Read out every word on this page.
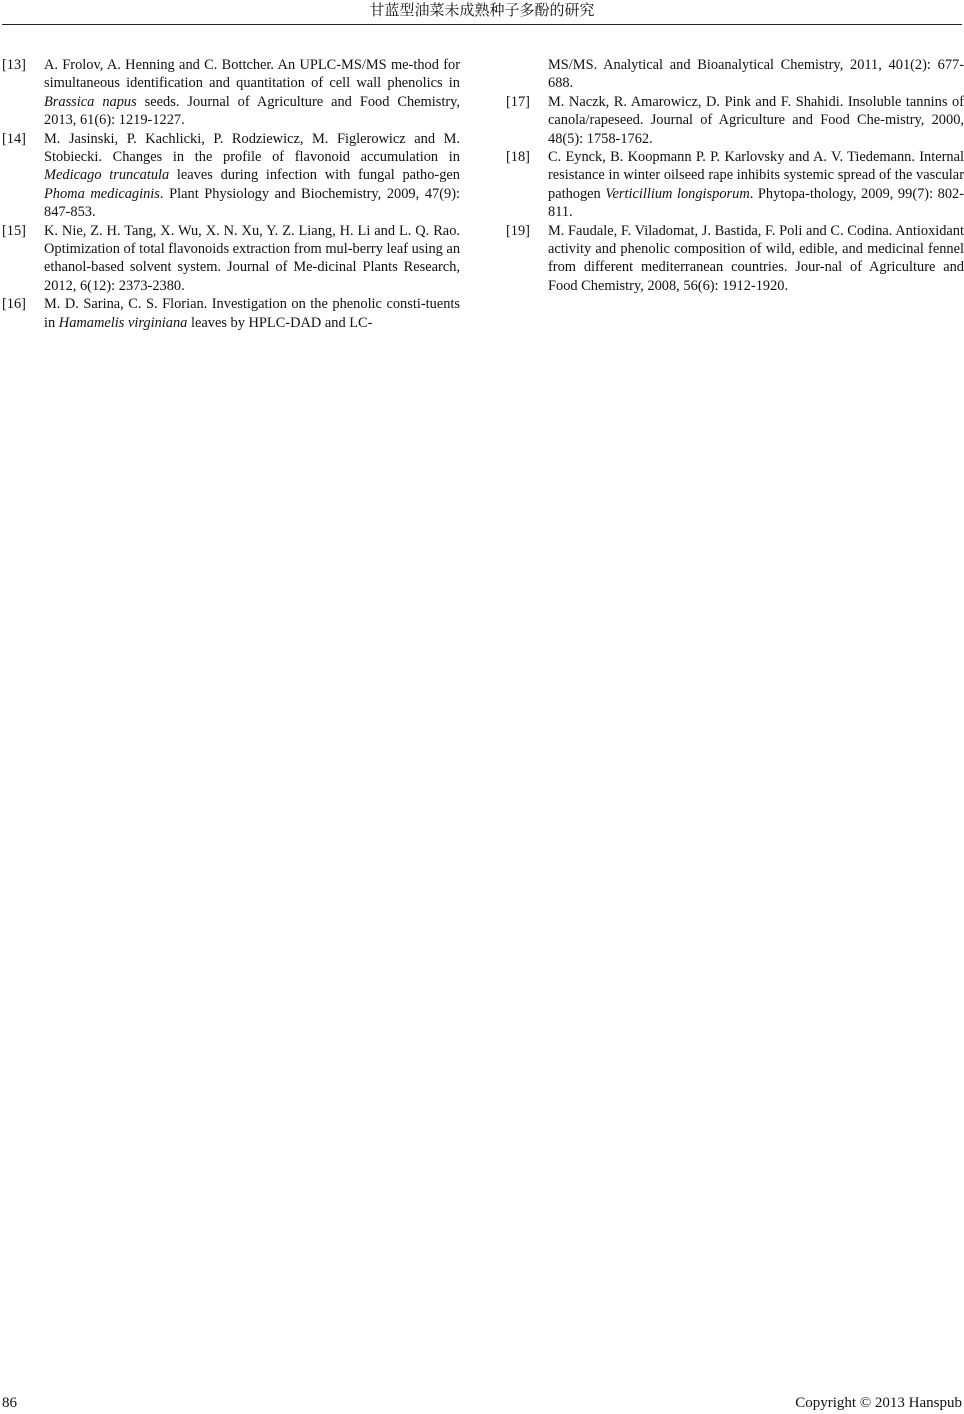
甘蓝型油菜未成熟种子多酚的研究
[13]	A. Frolov, A. Henning and C. Bottcher. An UPLC-MS/MS me-thod for simultaneous identification and quantitation of cell wall phenolics in Brassica napus seeds. Journal of Agriculture and Food Chemistry, 2013, 61(6): 1219-1227.
[14]	M. Jasinski, P. Kachlicki, P. Rodziewicz, M. Figlerowicz and M. Stobiecki. Changes in the profile of flavonoid accumulation in Medicago truncatula leaves during infection with fungal patho-gen Phoma medicaginis. Plant Physiology and Biochemistry, 2009, 47(9): 847-853.
[15]	K. Nie, Z. H. Tang, X. Wu, X. N. Xu, Y. Z. Liang, H. Li and L. Q. Rao. Optimization of total flavonoids extraction from mul-berry leaf using an ethanol-based solvent system. Journal of Me-dicinal Plants Research, 2012, 6(12): 2373-2380.
[16]	M. D. Sarina, C. S. Florian. Investigation on the phenolic consti-tuents in Hamamelis virginiana leaves by HPLC-DAD and LC-
MS/MS. Analytical and Bioanalytical Chemistry, 2011, 401(2): 677-688.
[17]	M. Naczk, R. Amarowicz, D. Pink and F. Shahidi. Insoluble tannins of canola/rapeseed. Journal of Agriculture and Food Che-mistry, 2000, 48(5): 1758-1762.
[18]	C. Eynck, B. Koopmann P. P. Karlovsky and A. V. Tiedemann. Internal resistance in winter oilseed rape inhibits systemic spread of the vascular pathogen Verticillium longisporum. Phytopa-thology, 2009, 99(7): 802-811.
[19]	M. Faudale, F. Viladomat, J. Bastida, F. Poli and C. Codina. Antioxidant activity and phenolic composition of wild, edible, and medicinal fennel from different mediterranean countries. Jour-nal of Agriculture and Food Chemistry, 2008, 56(6): 1912-1920.
86	Copyright © 2013 Hanspub
